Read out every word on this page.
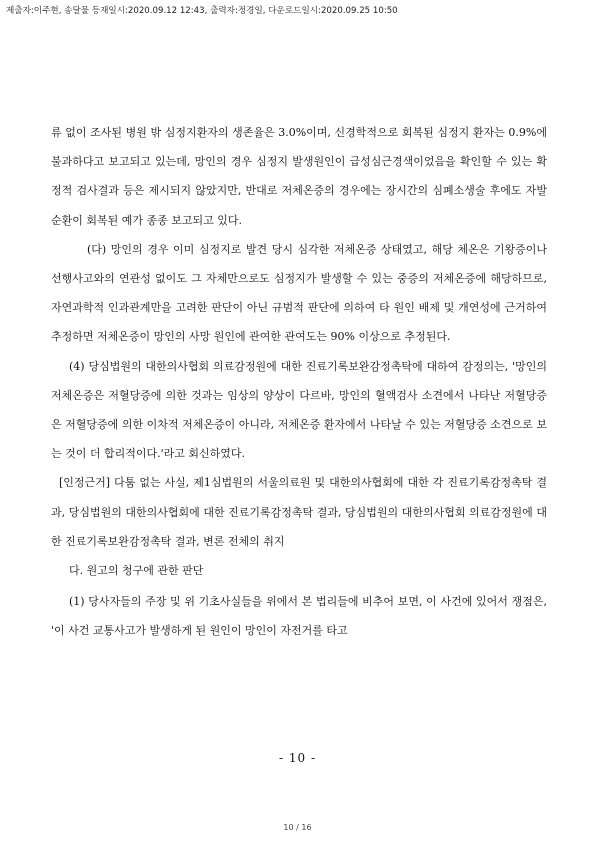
제출자:이주현, 송달물 등재일시:2020.09.12 12:43, 출력자:정경일, 다운로드일시:2020.09.25 10:50

류 없이 조사된 병원 밖 심정지환자의 생존율은 3.0%이며, 신경학적으로 회복된 심정지 환자는 0.9%에 불과하다고 보고되고 있는데, 망인의 경우 심정지 발생원인이 급성심근경색이었음을 확인할 수 있는 확정적 검사결과 등은 제시되지 않았지만, 반대로 저체온증의 경우에는 장시간의 심폐소생술 후에도 자발순환이 회복된 예가 종종 보고되고 있다.

(다) 망인의 경우 이미 심정지로 발견 당시 심각한 저체온증 상태였고, 해당 체온은 기왕증이나 선행사고와의 연관성 없이도 그 자체만으로도 심정지가 발생할 수 있는 중증의 저체온증에 해당하므로, 자연과학적 인과관계만을 고려한 판단이 아닌 규범적 판단에 의하여 타 원인 배제 및 개연성에 근거하여 추정하면 저체온증이 망인의 사망 원인에 관여한 관여도는 90% 이상으로 추정된다.

(4) 당심법원의 대한의사협회 의료감정원에 대한 진료기록보완감정촉탁에 대하여 감정의는, '망인의 저체온증은 저혈당증에 의한 것과는 임상의 양상이 다르바, 망인의 혈액검사 소견에서 나타난 저혈당증은 저혈당증에 의한 이차적 저체온증이 아니라, 저체온증 환자에서 나타날 수 있는 저혈당증 소견으로 보는 것이 더 합리적이다.'라고 회신하였다.

[인정근거] 다툼 없는 사실, 제1심법원의 서울의료원 및 대한의사협회에 대한 각 진료기록감정촉탁 결과, 당심법원의 대한의사협회에 대한 진료기록감정촉탁 결과, 당심법원의 대한의사협회 의료감정원에 대한 진료기록보완감정촉탁 결과, 변론 전체의 취지

다. 원고의 청구에 관한 판단

(1) 당사자들의 주장 및 위 기초사실들을 위에서 본 법리들에 비추어 보면, 이 사건에 있어서 쟁점은, '이 사건 교통사고가 발생하게 된 원인이 망인이 자전거를 타고

- 10 -
10 / 16
